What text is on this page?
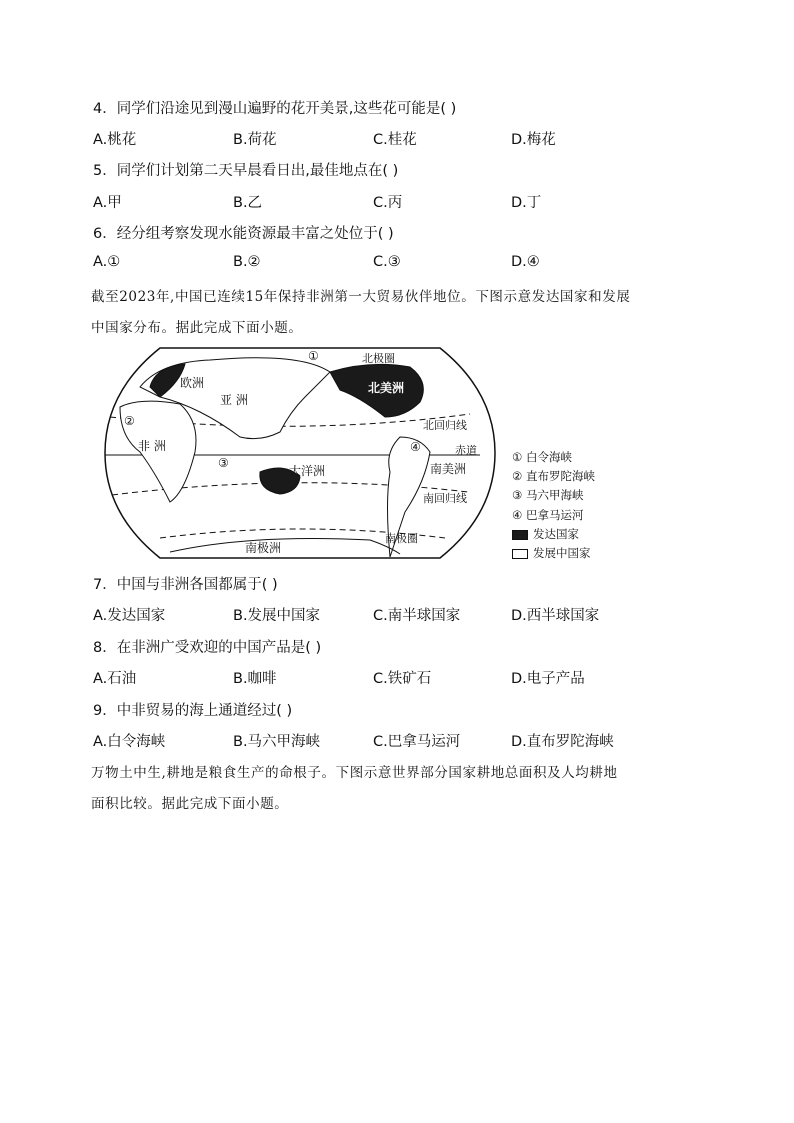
4．同学们沿途见到漫山遍野的花开美景,这些花可能是( )
A.桃花	B.荷花	C.桂花	D.梅花
5．同学们计划第二天早晨看日出,最佳地点在( )
A.甲	B.乙	C.丙	D.丁
6．经分组考察发现水能资源最丰富之处位于( )
A.①	B.②	C.③	D.④
截至2023年,中国已连续15年保持非洲第一大贸易伙伴地位。下图示意发达国家和发展
中国家分布。据此完成下面小题。
欧洲
亚 洲
非 洲
北美洲
南美洲
大洋洲
南极洲
北极圈
北回归线
赤道
南回归线
南极圈
①
②
③
④
① 白令海峡
② 直布罗陀海峡
③ 马六甲海峡
④ 巴拿马运河
发达国家
发展中国家
7．中国与非洲各国都属于( )
A.发达国家	B.发展中国家	C.南半球国家	D.西半球国家
8．在非洲广受欢迎的中国产品是( )
A.石油	B.咖啡	C.铁矿石	D.电子产品
9．中非贸易的海上通道经过( )
A.白令海峡	B.马六甲海峡	C.巴拿马运河	D.直布罗陀海峡
万物土中生,耕地是粮食生产的命根子。下图示意世界部分国家耕地总面积及人均耕地
面积比较。据此完成下面小题。
